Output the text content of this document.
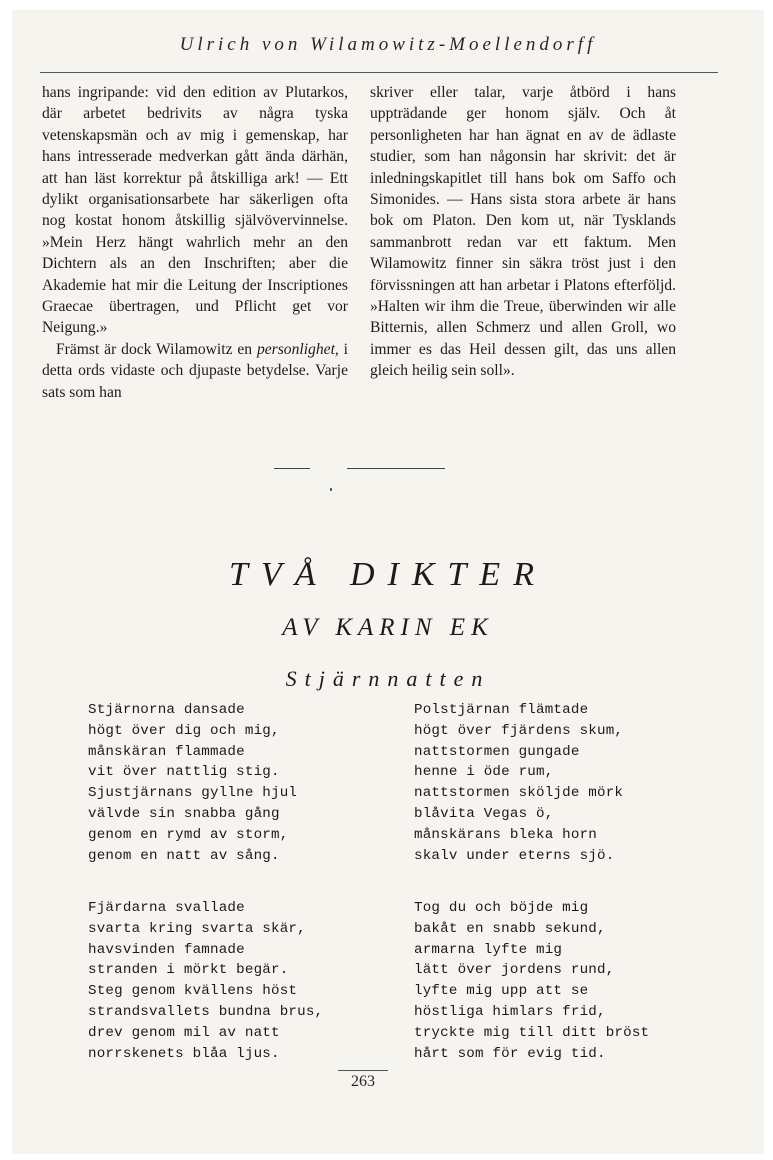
Ulrich von Wilamowitz-Moellendorff

hans ingripande: vid den edition av Plutarkos, där arbetet bedrivits av några tyska vetenskapsmän och av mig i gemenskap, har hans intresserade medverkan gått ända därhän, att han läst korrektur på åtskilliga ark! — Ett dylikt organisationsarbete har säkerligen ofta nog kostat honom åtskillig självövervinnelse. »Mein Herz hängt wahrlich mehr an den Dichtern als an den Inschriften; aber die Akademie hat mir die Leitung der Inscriptiones Graecae übertragen, und Pflicht get vor Neigung.»

Främst är dock Wilamowitz en personlighet, i detta ords vidaste och djupaste betydelse. Varje sats som han

skriver eller talar, varje åtbörd i hans uppträdande ger honom själv. Och åt personligheten har han ägnat en av de ädlaste studier, som han någonsin har skrivit: det är inledningskapitlet till hans bok om Saffo och Simonides. — Hans sista stora arbete är hans bok om Platon. Den kom ut, när Tysklands sammanbrott redan var ett faktum. Men Wilamowitz finner sin säkra tröst just i den förvissningen att han arbetar i Platons efterföljd. »Halten wir ihm die Treue, überwinden wir alle Bitternis, allen Schmerz und allen Groll, wo immer es das Heil dessen gilt, das uns allen gleich heilig sein soll».

TVÅ DIKTER
AV KARIN EK
Stjärnnatten
Stjärnorna dansade
högt över dig och mig,
månskäran flammade
vit över nattlig stig.
Sjustjärnans gyllne hjul
välvde sin snabba gång
genom en rymd av storm,
genom en natt av sång.
Polstjärnan flämtade
högt över fjärdens skum,
nattstormen gungade
henne i öde rum,
nattstormen sköljde mörk
blåvita Vegas ö,
månskärans bleka horn
skalv under eterns sjö.
Fjärdarna svallade
svarta kring svarta skär,
havsvinden famnade
stranden i mörkt begär.
Steg genom kvällens höst
strandsvallets bundna brus,
drev genom mil av natt
norrskenets blåa ljus.
Tog du och böjde mig
bakåt en snabb sekund,
armarna lyfte mig
lätt över jordens rund,
lyfte mig upp att se
höstliga himlars frid,
tryckte mig till ditt bröst
hårt som för evig tid.
263
